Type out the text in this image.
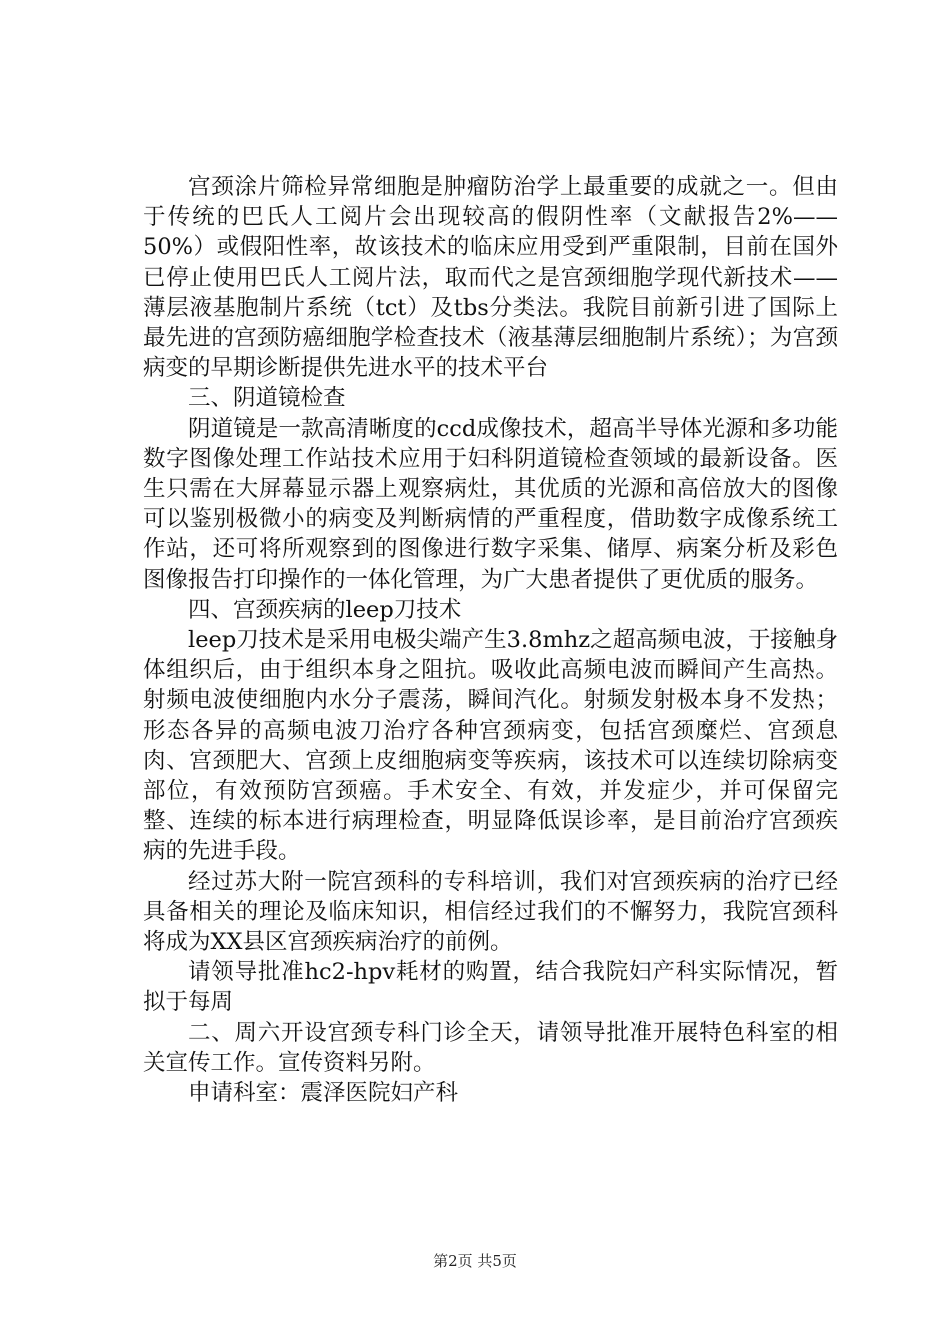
宫颈涂片筛检异常细胞是肿瘤防治学上最重要的成就之一。但由于传统的巴氏人工阅片会出现较高的假阴性率（文献报告2%——50%）或假阳性率，故该技术的临床应用受到严重限制，目前在国外已停止使用巴氏人工阅片法，取而代之是宫颈细胞学现代新技术——薄层液基胞制片系统（tct）及tbs分类法。我院目前新引进了国际上最先进的宫颈防癌细胞学检查技术（液基薄层细胞制片系统）；为宫颈病变的早期诊断提供先进水平的技术平台

三、阴道镜检查

阴道镜是一款高清晰度的ccd成像技术，超高半导体光源和多功能数字图像处理工作站技术应用于妇科阴道镜检查领域的最新设备。医生只需在大屏幕显示器上观察病灶，其优质的光源和高倍放大的图像可以鉴别极微小的病变及判断病情的严重程度，借助数字成像系统工作站，还可将所观察到的图像进行数字采集、储厚、病案分析及彩色图像报告打印操作的一体化管理，为广大患者提供了更优质的服务。

四、宫颈疾病的leep刀技术

leep刀技术是采用电极尖端产生3.8mhz之超高频电波，于接触身体组织后，由于组织本身之阻抗。吸收此高频电波而瞬间产生高热。射频电波使细胞内水分子震荡，瞬间汽化。射频发射极本身不发热；形态各异的高频电波刀治疗各种宫颈病变，包括宫颈糜烂、宫颈息肉、宫颈肥大、宫颈上皮细胞病变等疾病，该技术可以连续切除病变部位，有效预防宫颈癌。手术安全、有效，并发症少，并可保留完整、连续的标本进行病理检查，明显降低误诊率，是目前治疗宫颈疾病的先进手段。

经过苏大附一院宫颈科的专科培训，我们对宫颈疾病的治疗已经具备相关的理论及临床知识，相信经过我们的不懈努力，我院宫颈科将成为XX县区宫颈疾病治疗的前例。

请领导批准hc2-hpv耗材的购置，结合我院妇产科实际情况，暂拟于每周

二、周六开设宫颈专科门诊全天，请领导批准开展特色科室的相关宣传工作。宣传资料另附。

申请科室：震泽医院妇产科

第2页 共5页
